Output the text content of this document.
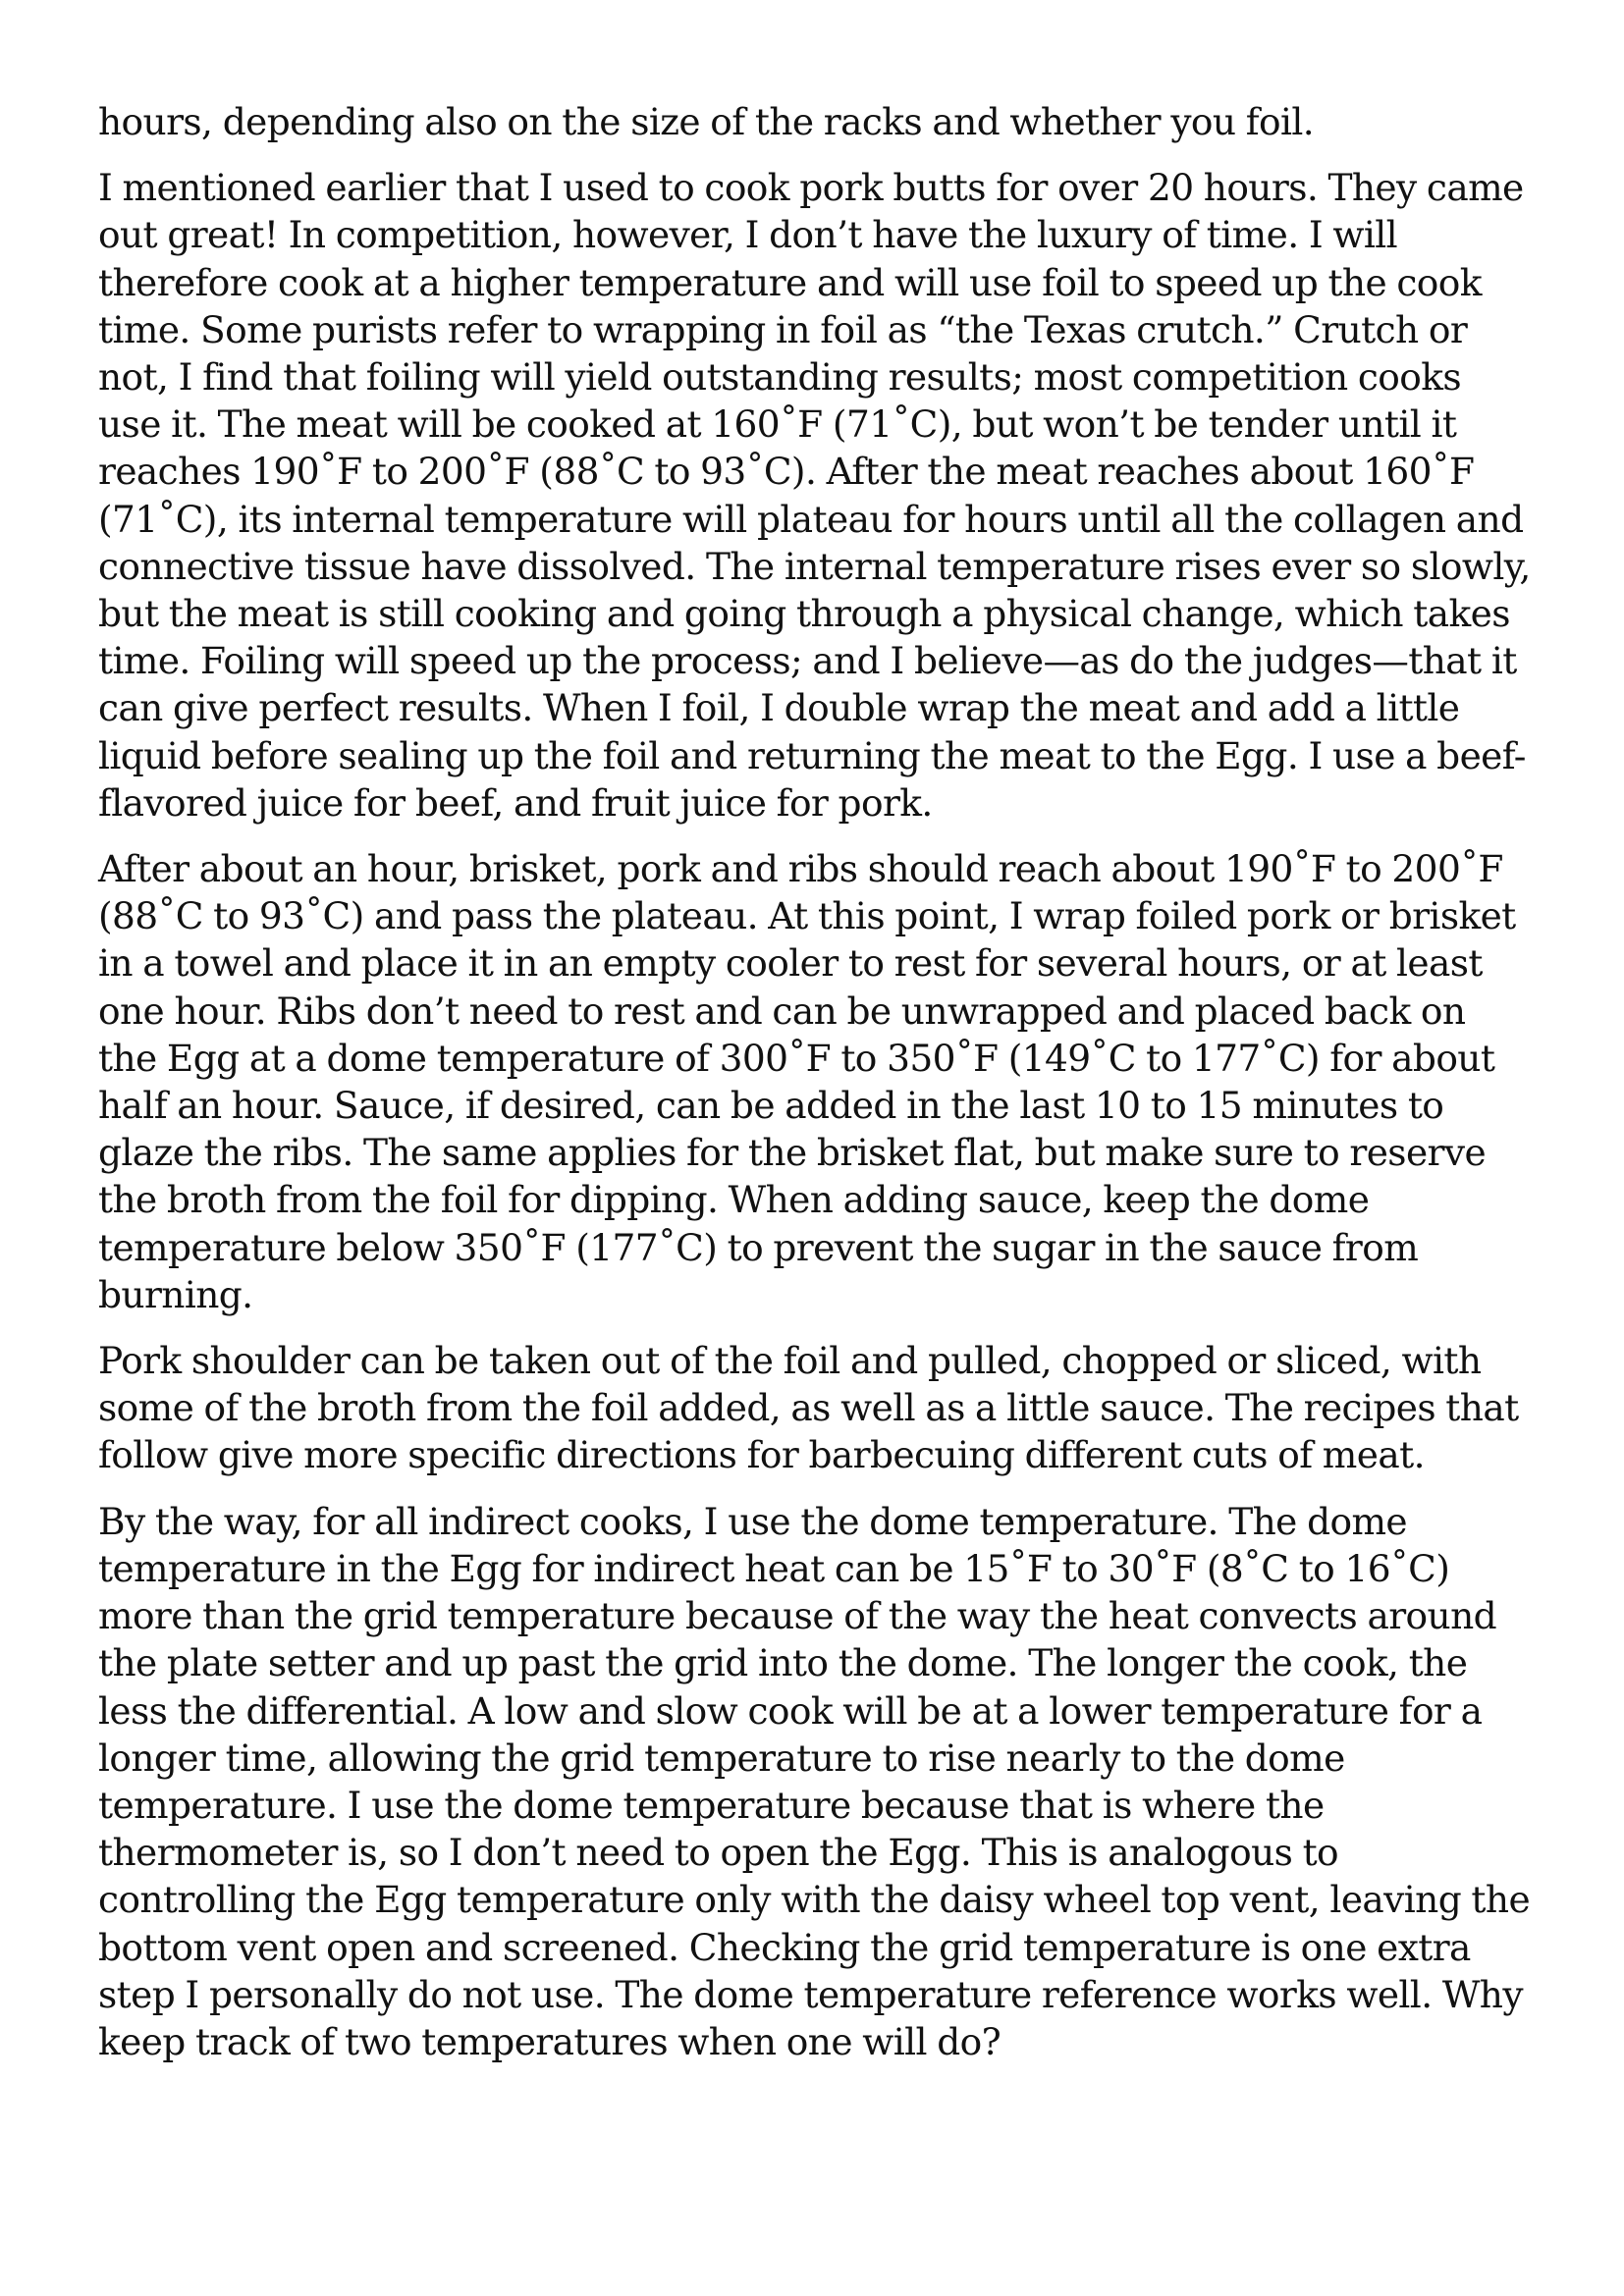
hours, depending also on the size of the racks and whether you foil.

I mentioned earlier that I used to cook pork butts for over 20 hours. They came out great! In competition, however, I don’t have the luxury of time. I will therefore cook at a higher temperature and will use foil to speed up the cook time. Some purists refer to wrapping in foil as “the Texas crutch.” Crutch or not, I find that foiling will yield outstanding results; most competition cooks use it. The meat will be cooked at 160˚F (71˚C), but won’t be tender until it reaches 190˚F to 200˚F (88˚C to 93˚C). After the meat reaches about 160˚F (71˚C), its internal temperature will plateau for hours until all the collagen and connective tissue have dissolved. The internal temperature rises ever so slowly, but the meat is still cooking and going through a physical change, which takes time. Foiling will speed up the process; and I believe—as do the judges—that it can give perfect results. When I foil, I double wrap the meat and add a little liquid before sealing up the foil and returning the meat to the Egg. I use a beef-flavored juice for beef, and fruit juice for pork.

After about an hour, brisket, pork and ribs should reach about 190˚F to 200˚F (88˚C to 93˚C) and pass the plateau. At this point, I wrap foiled pork or brisket in a towel and place it in an empty cooler to rest for several hours, or at least one hour. Ribs don’t need to rest and can be unwrapped and placed back on the Egg at a dome temperature of 300˚F to 350˚F (149˚C to 177˚C) for about half an hour. Sauce, if desired, can be added in the last 10 to 15 minutes to glaze the ribs. The same applies for the brisket flat, but make sure to reserve the broth from the foil for dipping. When adding sauce, keep the dome temperature below 350˚F (177˚C) to prevent the sugar in the sauce from burning.

Pork shoulder can be taken out of the foil and pulled, chopped or sliced, with some of the broth from the foil added, as well as a little sauce. The recipes that follow give more specific directions for barbecuing different cuts of meat.

By the way, for all indirect cooks, I use the dome temperature. The dome temperature in the Egg for indirect heat can be 15˚F to 30˚F (8˚C to 16˚C) more than the grid temperature because of the way the heat convects around the plate setter and up past the grid into the dome. The longer the cook, the less the differential. A low and slow cook will be at a lower temperature for a longer time, allowing the grid temperature to rise nearly to the dome temperature. I use the dome temperature because that is where the thermometer is, so I don’t need to open the Egg. This is analogous to controlling the Egg temperature only with the daisy wheel top vent, leaving the bottom vent open and screened. Checking the grid temperature is one extra step I personally do not use. The dome temperature reference works well. Why keep track of two temperatures when one will do?
